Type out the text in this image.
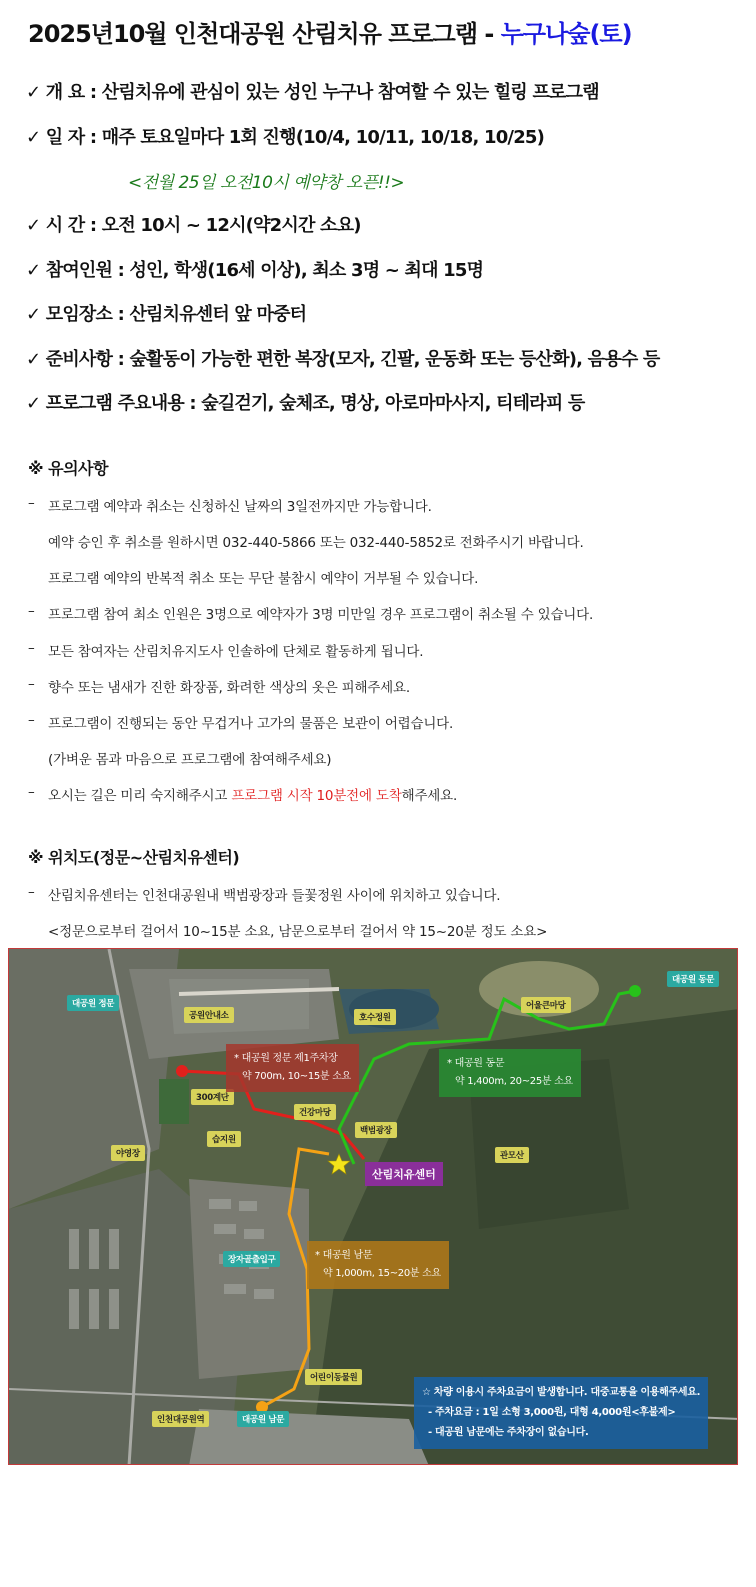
2025년10월 인천대공원 산림치유 프로그램 - 누구나숲(토)
✓ 개 요 : 산림치유에 관심이 있는 성인 누구나 참여할 수 있는 힐링 프로그램
✓ 일 자 : 매주 토요일마다 1회 진행(10/4, 10/11, 10/18, 10/25)
<전월 25일 오전10시 예약창 오픈!!>
✓ 시 간 : 오전 10시 ~ 12시(약2시간 소요)
✓ 참여인원 : 성인, 학생(16세 이상), 최소 3명 ~ 최대 15명
✓ 모임장소 : 산림치유센터 앞 마중터
✓ 준비사항 : 숲활동이 가능한 편한 복장(모자, 긴팔, 운동화 또는 등산화), 음용수 등
✓ 프로그램 주요내용 : 숲길걷기, 숲체조, 명상, 아로마마사지, 티테라피 등
※ 유의사항
– 프로그램 예약과 취소는 신청하신 날짜의 3일전까지만 가능합니다.
예약 승인 후 취소를 원하시면 032-440-5866 또는 032-440-5852로 전화주시기 바랍니다.
프로그램 예약의 반복적 취소 또는 무단 불참시 예약이 거부될 수 있습니다.
– 프로그램 참여 최소 인원은 3명으로 예약자가 3명 미만일 경우 프로그램이 취소될 수 있습니다.
– 모든 참여자는 산림치유지도사 인솔하에 단체로 활동하게 됩니다.
– 향수 또는 냄새가 진한 화장품, 화려한 색상의 옷은 피해주세요.
– 프로그램이 진행되는 동안 무겁거나 고가의 물품은 보관이 어렵습니다.
(가벼운 몸과 마음으로 프로그램에 참여해주세요)
– 오시는 길은 미리 숙지해주시고 프로그램 시작 10분전에 도착해주세요.
※ 위치도(정문~산림치유센터)
– 산림치유센터는 인천대공원내 백범광장과 들꽃정원 사이에 위치하고 있습니다.
<정문으로부터 걸어서 10~15분 소요, 남문으로부터 걸어서 약 15~20분 정도 소요>
대공원 정문
공원안내소	호수정원
어울큰마당
대공원 동문
300계단
습지원
야영장
건강마당
백범광장
관모산
장자골출입구
어린이동물원
인천대공원역	대공원 남문
* 대공원 정문 제1주차장
약 700m, 10~15분 소요
* 대공원 동문
약 1,400m, 20~25분 소요
* 대공원 남문
약 1,000m, 15~20분 소요
산림치유센터
☆ 차량 이용시 주차요금이 발생합니다. 대중교통을 이용해주세요.
- 주차요금 : 1일 소형 3,000원, 대형 4,000원<후불제>
- 대공원 남문에는 주차장이 없습니다.
